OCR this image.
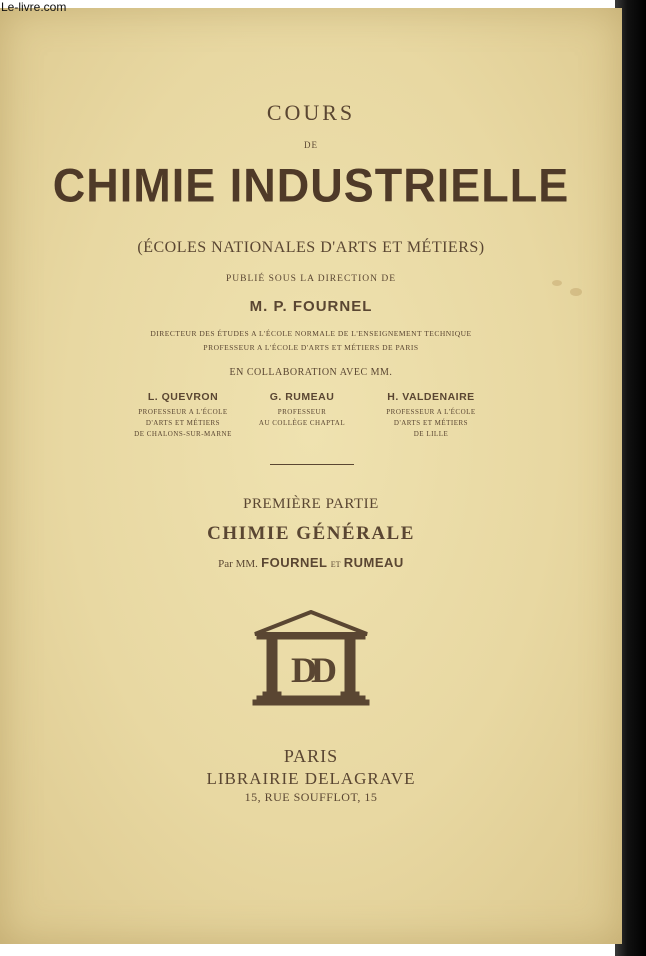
COURS
DE
CHIMIE INDUSTRIELLE
(ÉCOLES NATIONALES D'ARTS ET MÉTIERS)
PUBLIÉ SOUS LA DIRECTION DE
M. P. FOURNEL
DIRECTEUR DES ÉTUDES A L'ÉCOLE NORMALE DE L'ENSEIGNEMENT TECHNIQUE
PROFESSEUR A L'ÉCOLE D'ARTS ET MÉTIERS DE PARIS
EN COLLABORATION AVEC MM.
L. QUEVRON
PROFESSEUR A L'ÉCOLE
D'ARTS ET MÉTIERS
DE CHALONS-SUR-MARNE
G. RUMEAU
PROFESSEUR
AU COLLÈGE CHAPTAL
H. VALDENAIRE
PROFESSEUR A L'ÉCOLE
D'ARTS ET MÉTIERS
DE LILLE
PREMIÈRE PARTIE
CHIMIE GÉNÉRALE
Par MM. FOURNEL ET RUMEAU
DD
PARIS
LIBRAIRIE DELAGRAVE
15, RUE SOUFFLOT, 15
Le-livre.com
